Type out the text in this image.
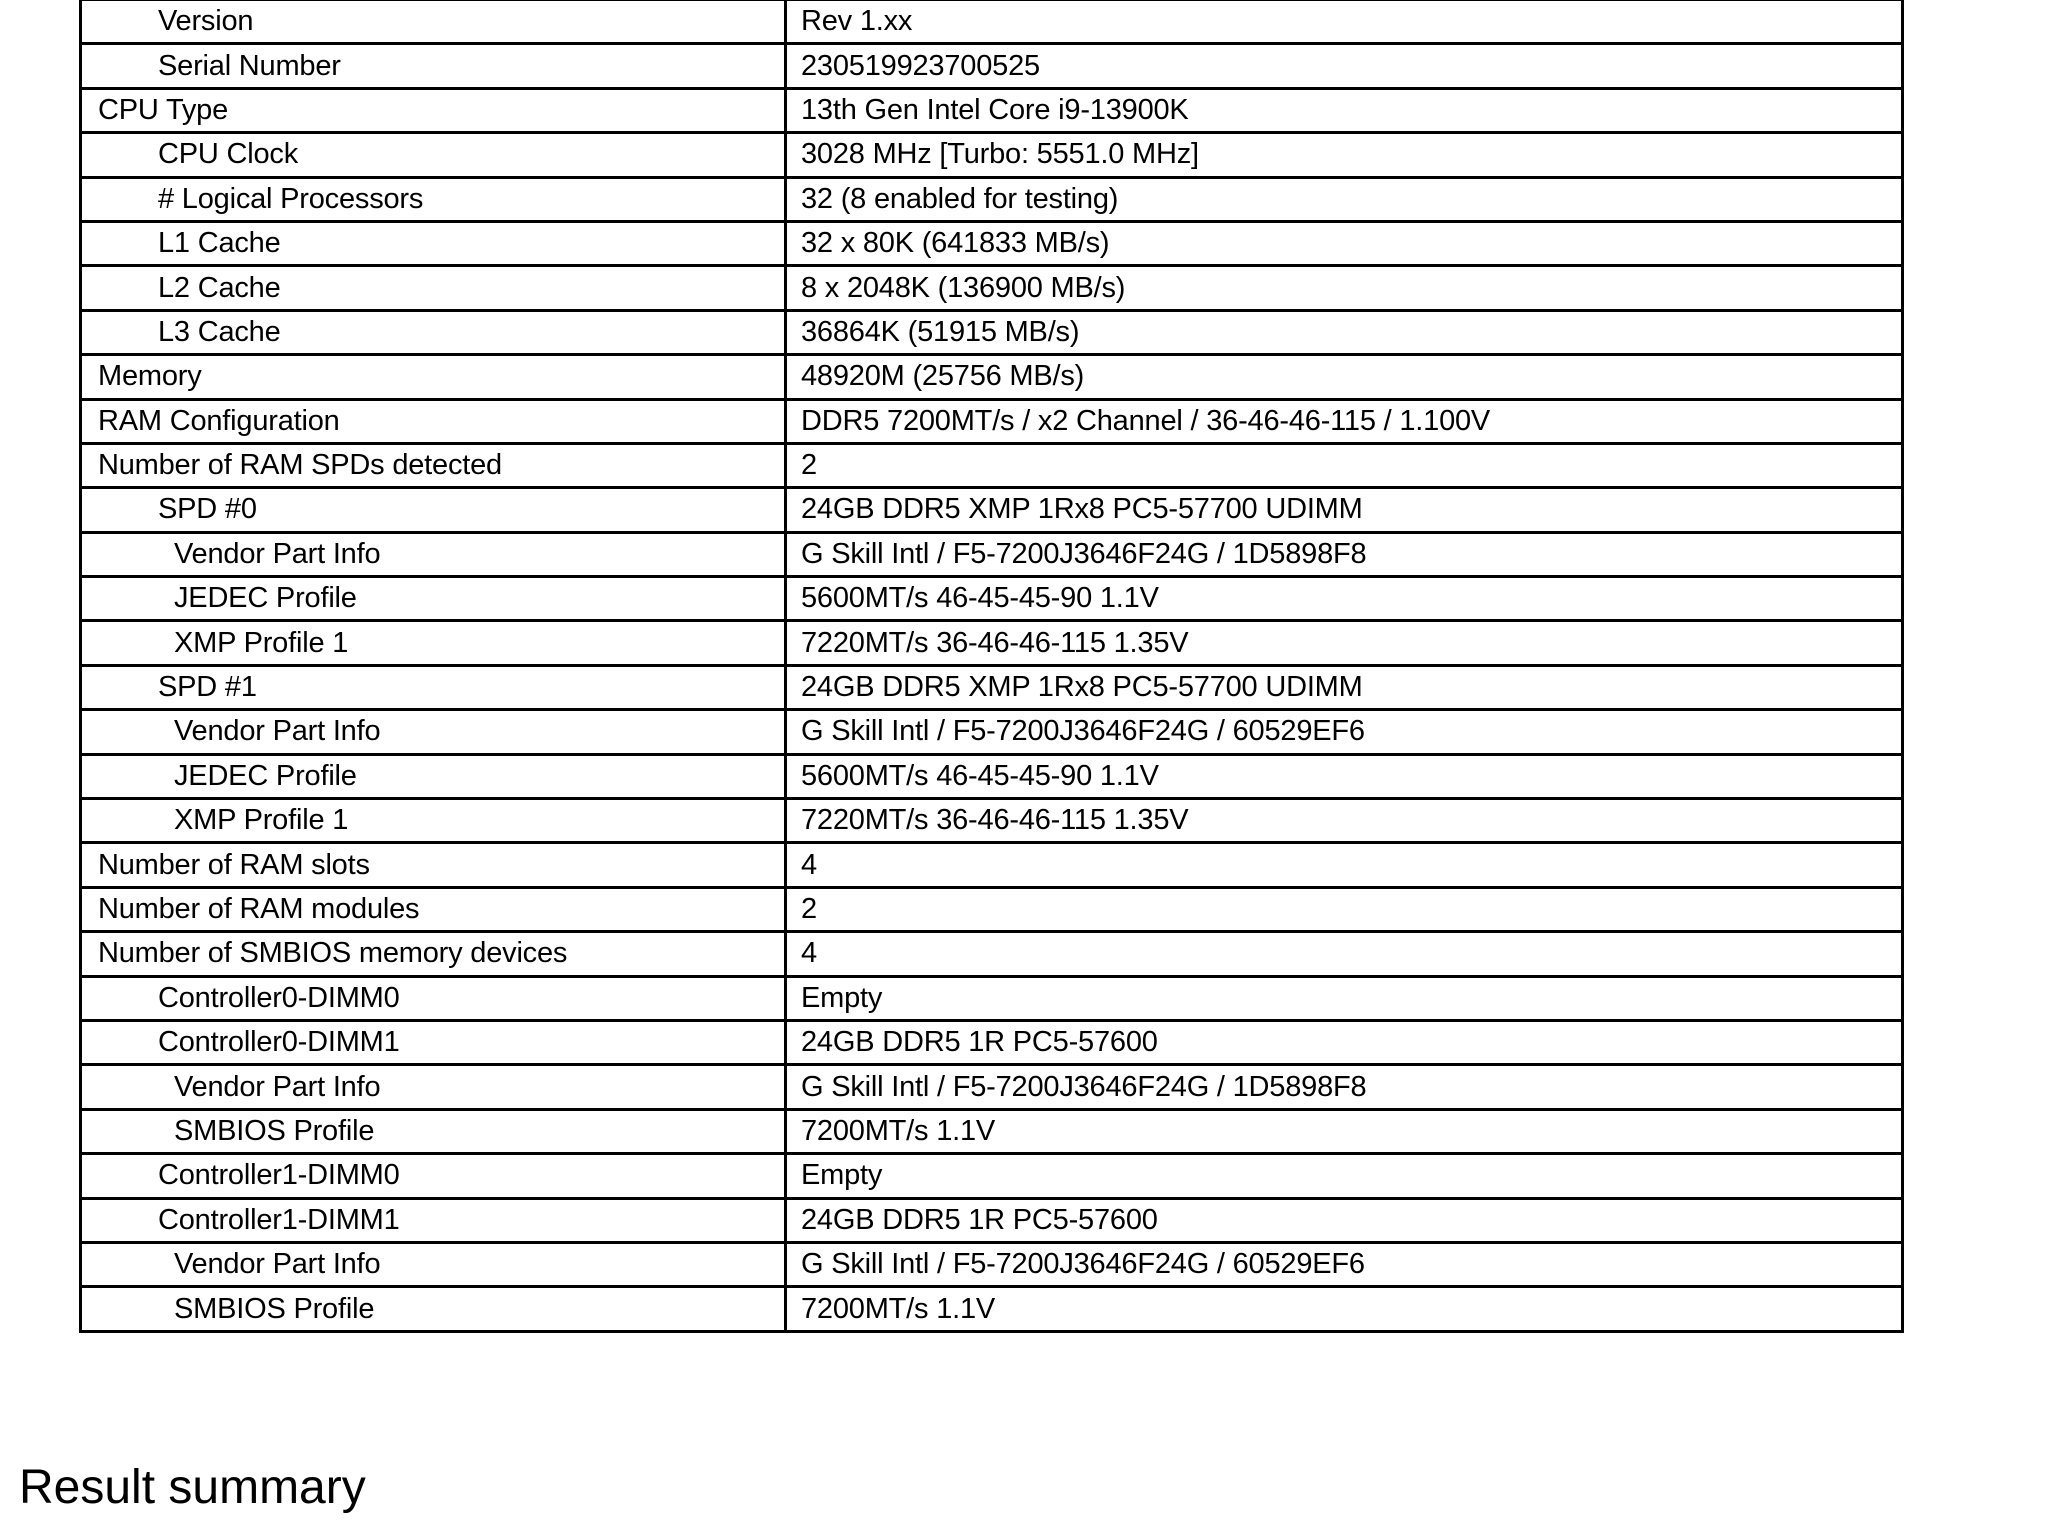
Version	Rev 1.xx
Serial Number	230519923700525
CPU Type	13th Gen Intel Core i9-13900K
CPU Clock	3028 MHz [Turbo: 5551.0 MHz]
# Logical Processors	32 (8 enabled for testing)
L1 Cache	32 x 80K (641833 MB/s)
L2 Cache	8 x 2048K (136900 MB/s)
L3 Cache	36864K (51915 MB/s)
Memory	48920M (25756 MB/s)
RAM Configuration	DDR5 7200MT/s / x2 Channel / 36-46-46-115 / 1.100V
Number of RAM SPDs detected	2
SPD #0	24GB DDR5 XMP 1Rx8 PC5-57700 UDIMM
Vendor Part Info	G Skill Intl / F5-7200J3646F24G / 1D5898F8
JEDEC Profile	5600MT/s 46-45-45-90 1.1V
XMP Profile 1	7220MT/s 36-46-46-115 1.35V
SPD #1	24GB DDR5 XMP 1Rx8 PC5-57700 UDIMM
Vendor Part Info	G Skill Intl / F5-7200J3646F24G / 60529EF6
JEDEC Profile	5600MT/s 46-45-45-90 1.1V
XMP Profile 1	7220MT/s 36-46-46-115 1.35V
Number of RAM slots	4
Number of RAM modules	2
Number of SMBIOS memory devices	4
Controller0-DIMM0	Empty
Controller0-DIMM1	24GB DDR5 1R PC5-57600
Vendor Part Info	G Skill Intl / F5-7200J3646F24G / 1D5898F8
SMBIOS Profile	7200MT/s 1.1V
Controller1-DIMM0	Empty
Controller1-DIMM1	24GB DDR5 1R PC5-57600
Vendor Part Info	G Skill Intl / F5-7200J3646F24G / 60529EF6
SMBIOS Profile	7200MT/s 1.1V
Result summary
